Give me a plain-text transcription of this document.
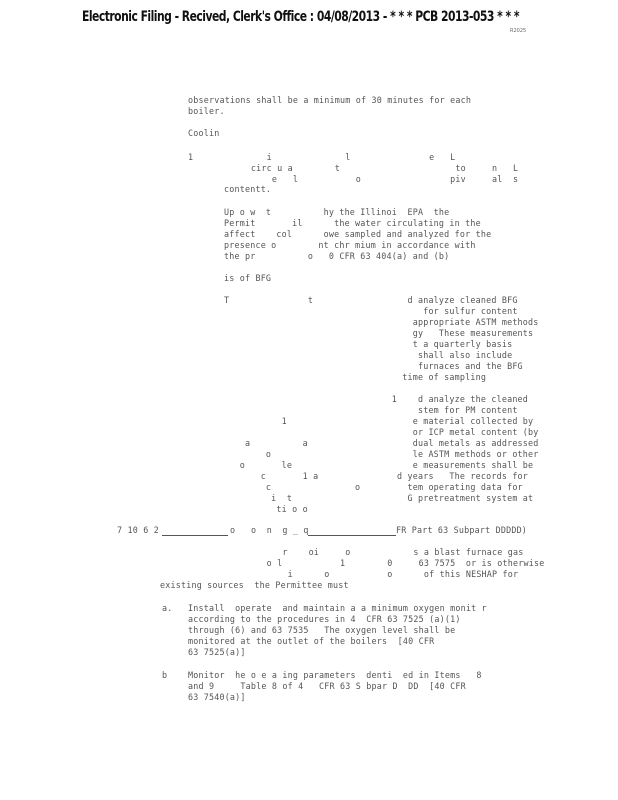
Electronic Filing - Recived, Clerk's Office : 04/08/2013 - * * * PCB 2013-053 * * *
R2025
observations shall be a minimum of 30 minutes for each
boiler.
Coolin
1              i              l               e   L
circ u a        t                      to     n   L
e   l           o                 piv     al  s
contentt.
Up o w  t          hy the Illinoi  EPA  the
Permit       il      the water circulating in the
affect    col      owe sampled and analyzed for the
presence o        nt chr mium in accordance with
the pr          o   0 CFR 63 404(a) and (b)
is of BFG
T               t                  d analyze cleaned BFG
for sulfur content
appropriate ASTM methods
gy   These measurements
t a quarterly basis
shall also include
furnaces and the BFG
time of sampling
1    d analyze the cleaned
stem for PM content
1                        e material collected by
or ICP metal content (by
a          a                    dual metals as addressed
o                           le ASTM methods or other
o       le                       e measurements shall be
c       1 a               d years   The records for
c                o         tem operating data for
i  t                      G pretreatment system at
ti o o
7 10 6 2	o   o  n  g _ q	FR Part 63 Subpart DDDDD)
r    oi     o            s a blast furnace gas
o l           1        0     63 7575  or is otherwise
i      o           o      of this NESHAP for
existing sources  the Permittee must
a. Install  operate  and maintain a a minimum oxygen monit r
according to the procedures in 4  CFR 63 7525 (a)(1)
through (6) and 63 7535   The oxygen level shall be
monitored at the outlet of the boilers  [40 CFR
63 7525(a)]
b Monitor  he o e a ing parameters  denti  ed in Items   8
and 9     Table 8 of 4   CFR 63 S bpar D  DD  [40 CFR
63 7540(a)]
